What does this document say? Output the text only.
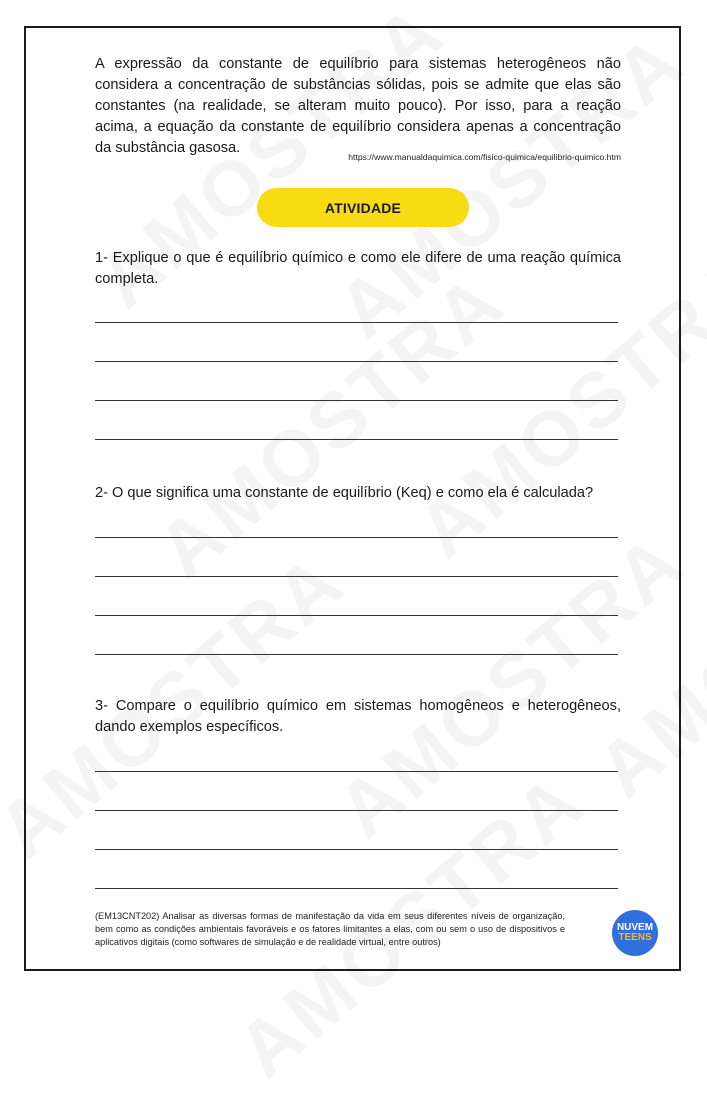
A expressão da constante de equilíbrio para sistemas heterogêneos não considera a concentração de substâncias sólidas, pois se admite que elas são constantes (na realidade, se alteram muito pouco). Por isso, para a reação acima, a equação da constante de equilíbrio considera apenas a concentração da substância gasosa.

https://www.manualdaquimica.com/fisico-quimica/equilibrio-quimico.htm
ATIVIDADE

1- Explique o que é equilíbrio químico e como ele difere de uma reação química completa.

2- O que significa uma constante de equilíbrio (Keq) e como ela é calculada?

3- Compare o equilíbrio químico em sistemas homogêneos e heterogêneos, dando exemplos específicos.

(EM13CNT202) Analisar as diversas formas de manifestação da vida em seus diferentes níveis de organização, bem como as condições ambientais favoráveis e os fatores limitantes a elas, com ou sem o uso de dispositivos e aplicativos digitais (como softwares de simulação e de realidade virtual, entre outros)

NUVEM
TEENS
